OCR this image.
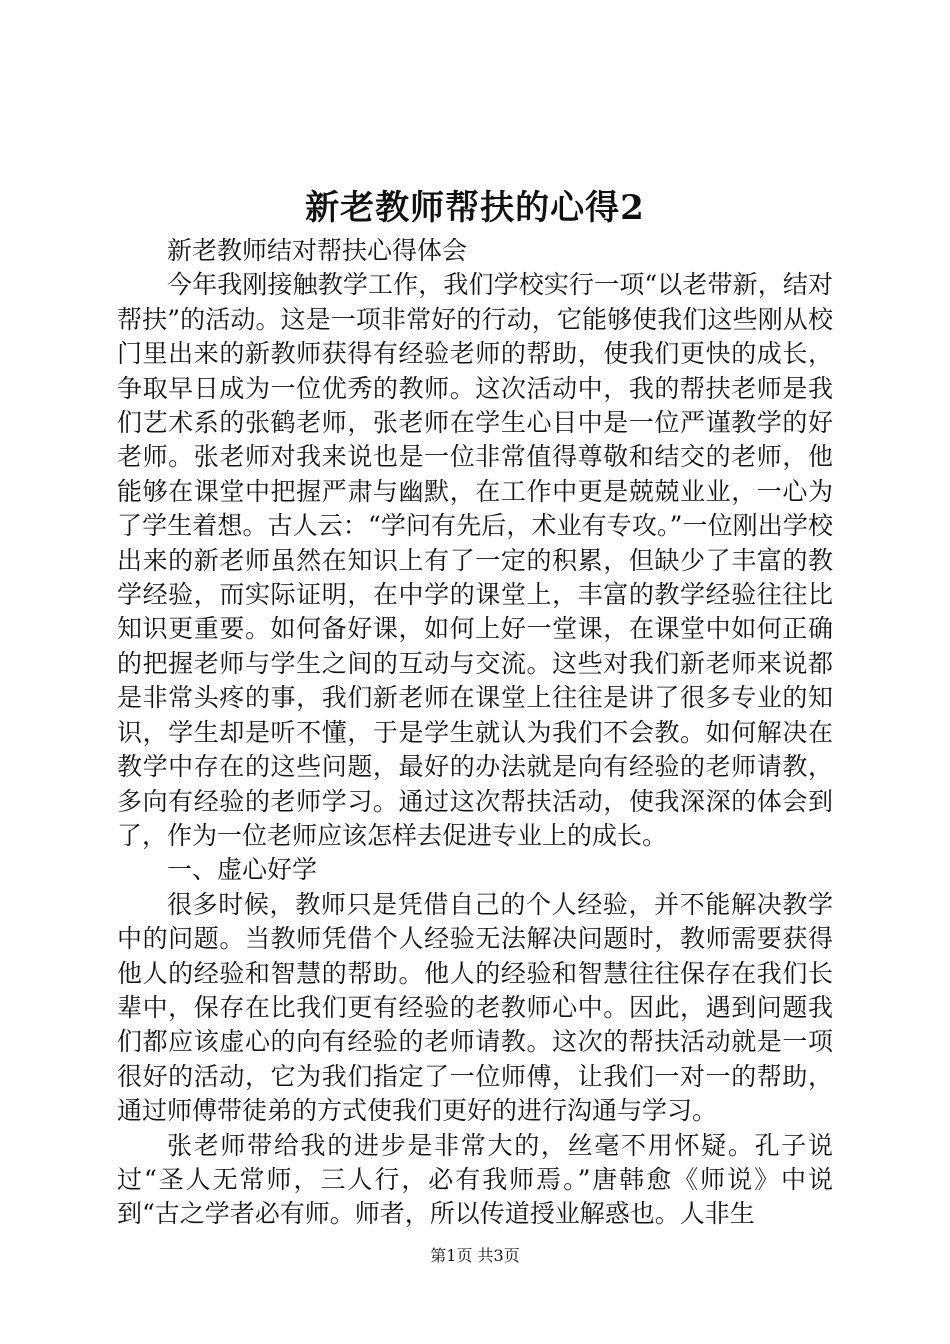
新老教师帮扶的心得2

新老教师结对帮扶心得体会

今年我刚接触教学工作，我们学校实行一项“以老带新，结对帮扶”的活动。这是一项非常好的行动，它能够使我们这些刚从校门里出来的新教师获得有经验老师的帮助，使我们更快的成长，争取早日成为一位优秀的教师。这次活动中，我的帮扶老师是我们艺术系的张鹤老师，张老师在学生心目中是一位严谨教学的好老师。张老师对我来说也是一位非常值得尊敬和结交的老师，他能够在课堂中把握严肃与幽默，在工作中更是兢兢业业，一心为了学生着想。古人云：“学问有先后，术业有专攻。”一位刚出学校出来的新老师虽然在知识上有了一定的积累，但缺少了丰富的教学经验，而实际证明，在中学的课堂上，丰富的教学经验往往比知识更重要。如何备好课，如何上好一堂课，在课堂中如何正确的把握老师与学生之间的互动与交流。这些对我们新老师来说都是非常头疼的事，我们新老师在课堂上往往是讲了很多专业的知识，学生却是听不懂，于是学生就认为我们不会教。如何解决在教学中存在的这些问题，最好的办法就是向有经验的老师请教，多向有经验的老师学习。通过这次帮扶活动，使我深深的体会到了，作为一位老师应该怎样去促进专业上的成长。

一、虚心好学

很多时候，教师只是凭借自己的个人经验，并不能解决教学中的问题。当教师凭借个人经验无法解决问题时，教师需要获得他人的经验和智慧的帮助。他人的经验和智慧往往保存在我们长辈中，保存在比我们更有经验的老教师心中。因此，遇到问题我们都应该虚心的向有经验的老师请教。这次的帮扶活动就是一项很好的活动，它为我们指定了一位师傅，让我们一对一的帮助，通过师傅带徒弟的方式使我们更好的进行沟通与学习。

张老师带给我的进步是非常大的，丝毫不用怀疑。孔子说过“圣人无常师，三人行，必有我师焉。”唐韩愈《师说》中说到“古之学者必有师。师者，所以传道授业解惑也。人非生

第1页 共3页
